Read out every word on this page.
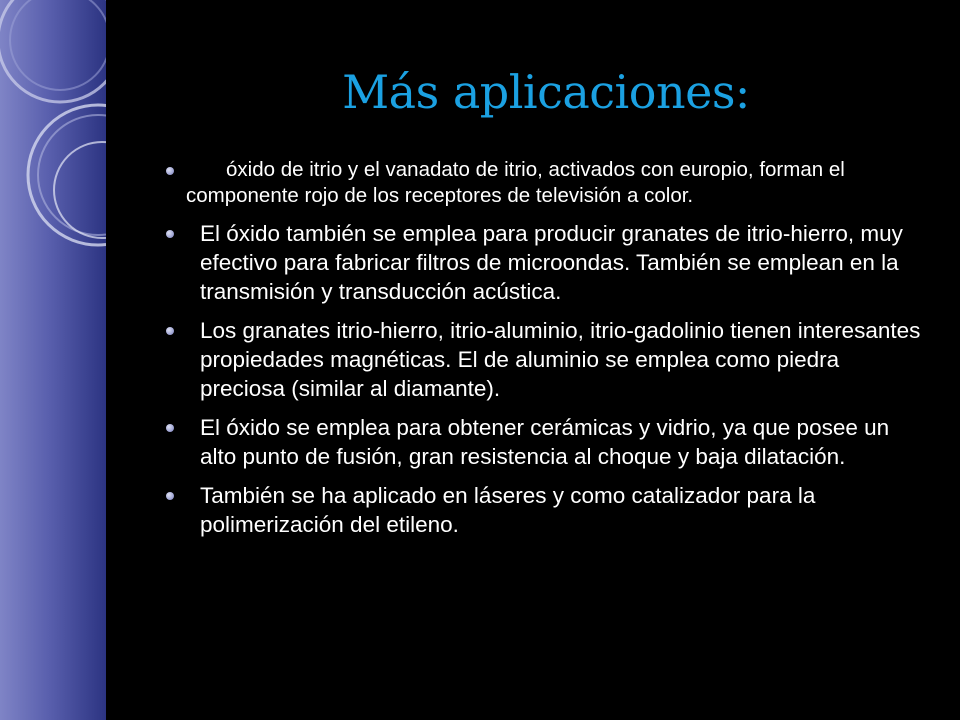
Más aplicaciones:
óxido de itrio y el vanadato de itrio, activados con europio, forman el componente rojo de los receptores de televisión a color.
El óxido también se emplea para producir granates de itrio-hierro, muy efectivo para fabricar filtros de microondas. También se emplean en la transmisión y transducción acústica.
Los granates itrio-hierro, itrio-aluminio, itrio-gadolinio tienen interesantes propiedades magnéticas. El de aluminio se emplea como piedra preciosa (similar al diamante).
El óxido se emplea para obtener cerámicas y vidrio, ya que posee un alto punto de fusión, gran resistencia al choque y baja dilatación.
También se ha aplicado en láseres y como catalizador para la polimerización del etileno.
